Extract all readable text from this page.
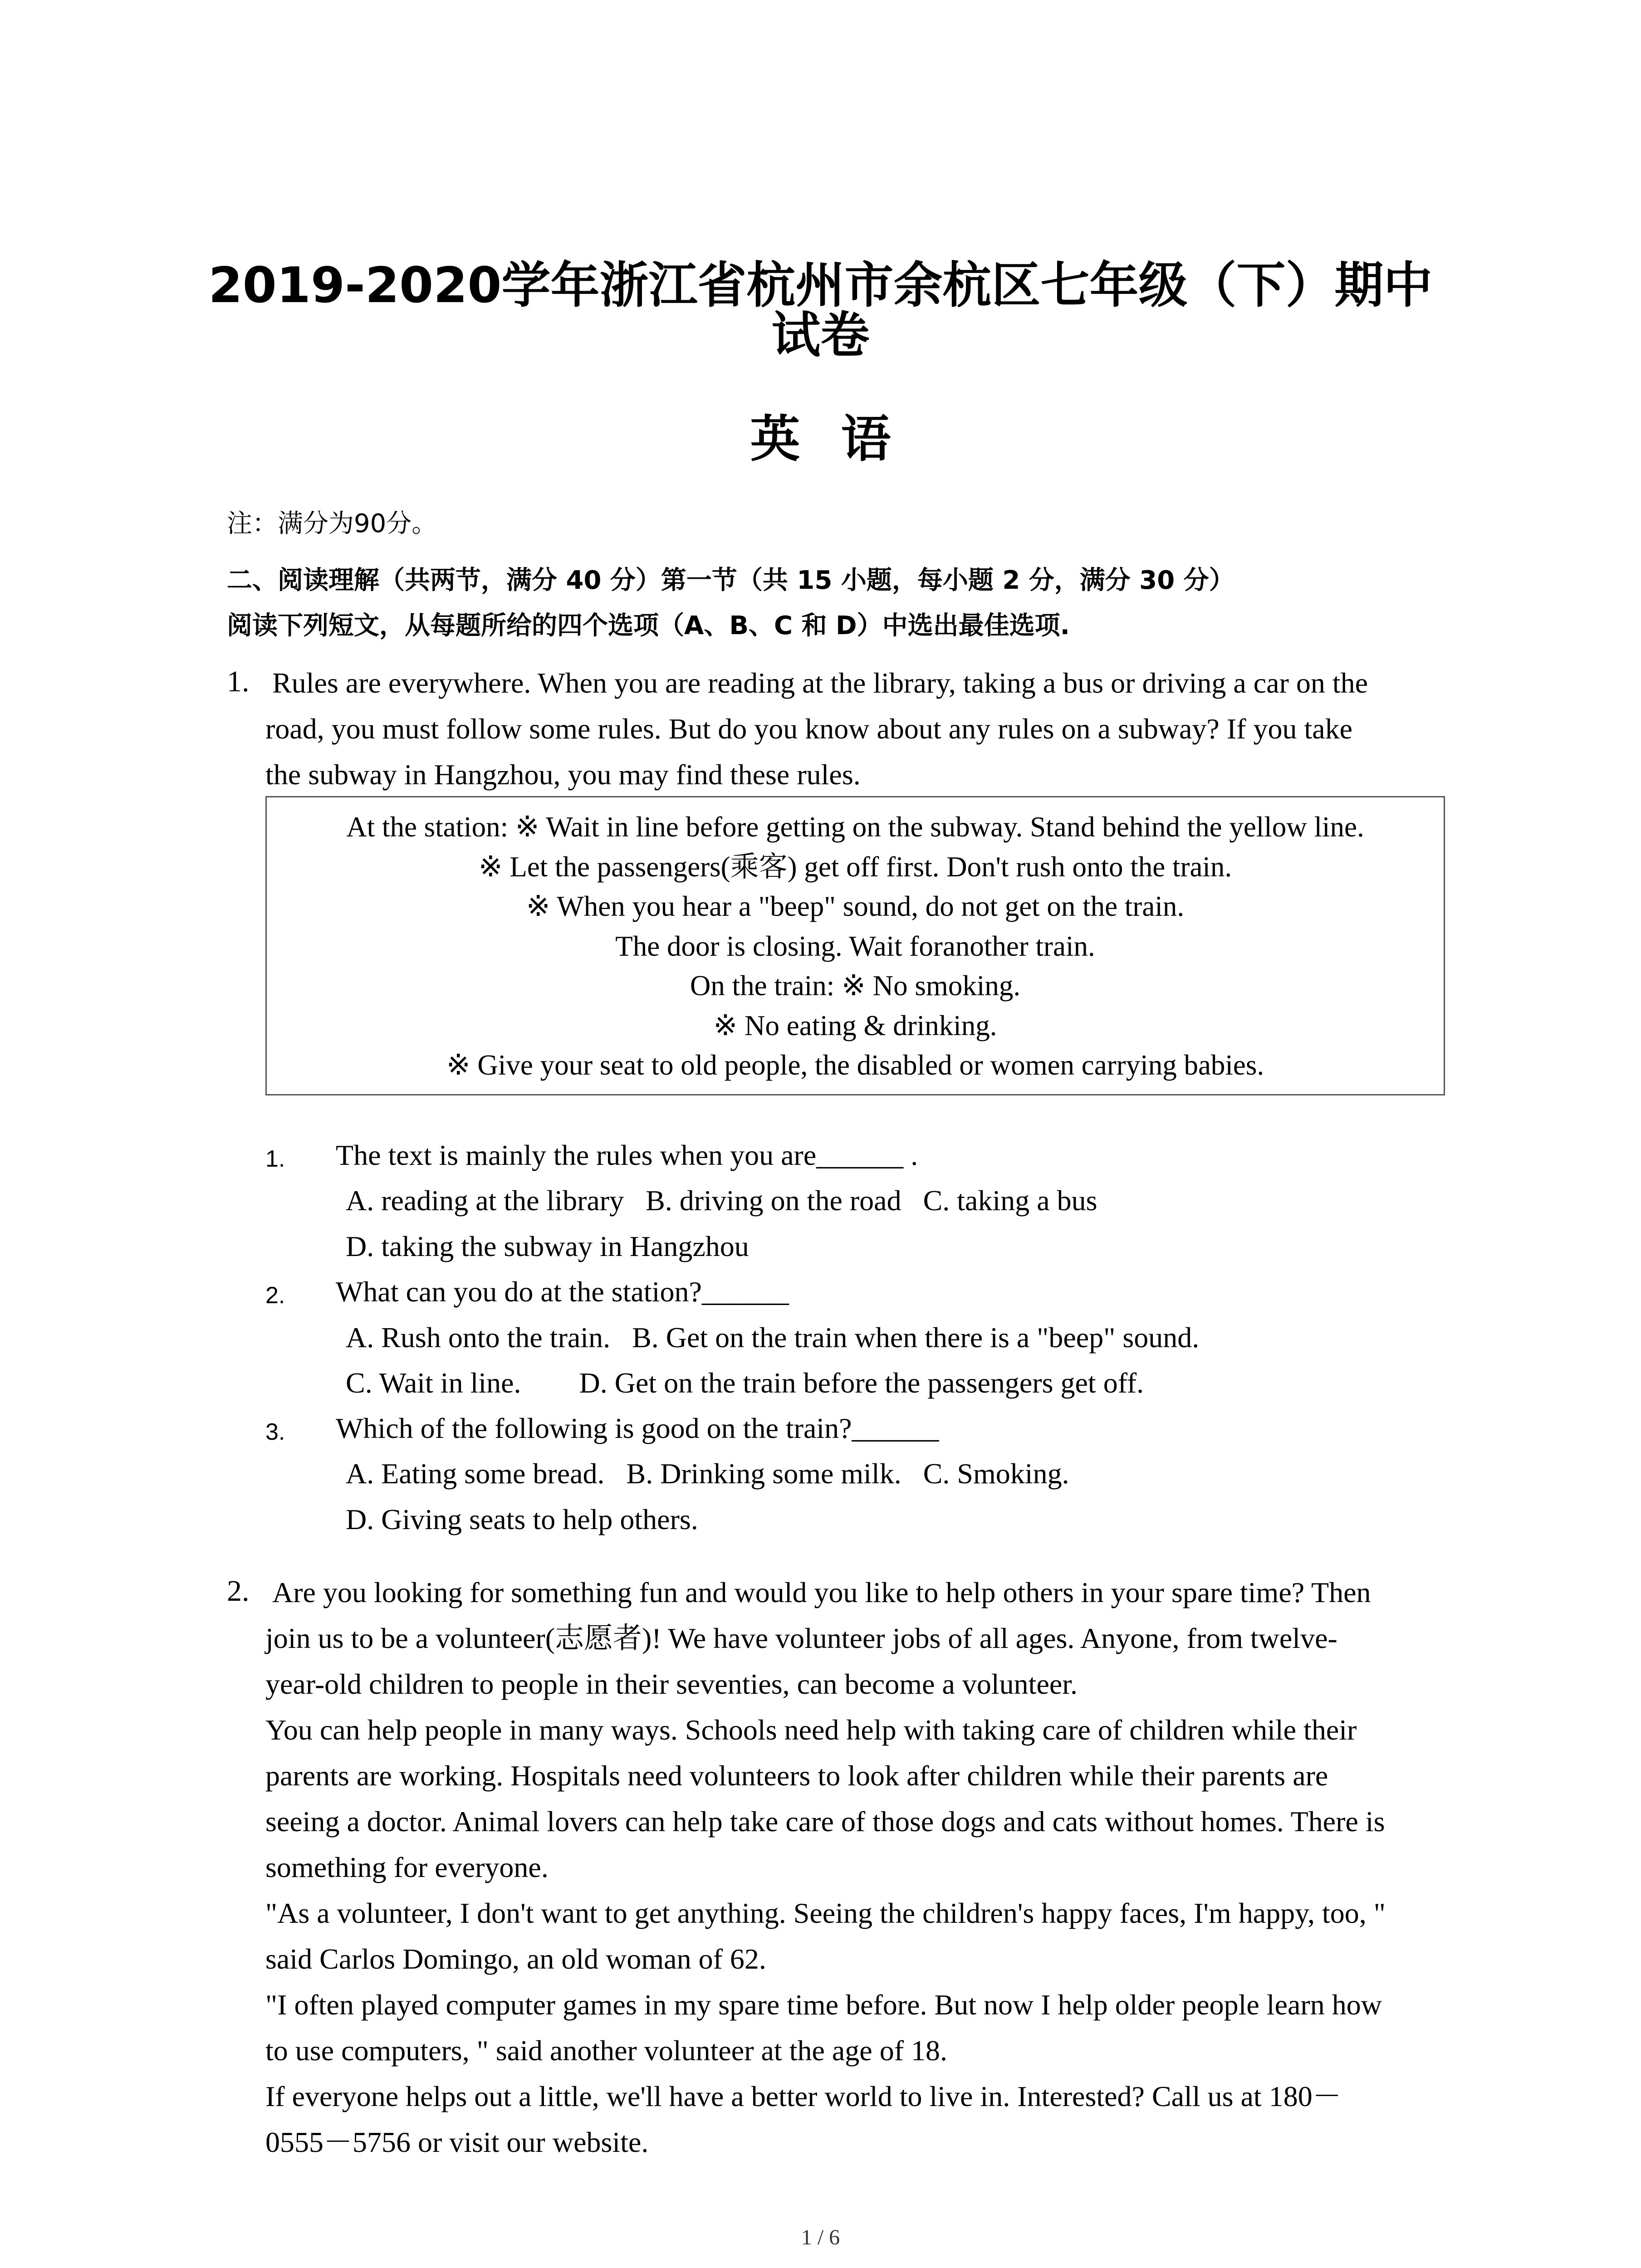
2019-2020学年浙江省杭州市余杭区七年级（下）期中
试卷
英语
注：满分为90分。
二、阅读理解（共两节，满分 40 分）第一节（共 15 小题，每小题 2 分，满分 30 分）
阅读下列短文，从每题所给的四个选项（A、B、C 和 D）中选出最佳选项.
1. Rules are everywhere. When you are reading at the library, taking a bus or driving a car on the

road, you must follow some rules. But do you know about any rules on a subway? If you take

the subway in Hangzhou, you may find these rules.

At the station: ※ Wait in line before getting on the subway. Stand behind the yellow line.
※ Let the passengers(乘客) get off first. Don't rush onto the train.
※ When you hear a "beep" sound, do not get on the train.
The door is closing. Wait foranother train.
On the train: ※ No smoking.
※ No eating & drinking.
※ Give your seat to old people, the disabled or women carrying babies.
1. The text is mainly the rules when you are______ .
A. reading at the library   B. driving on the road   C. taking a bus
D. taking the subway in Hangzhou
2. What can you do at the station?______
A. Rush onto the train.   B. Get on the train when there is a "beep" sound.
C. Wait in line.        D. Get on the train before the passengers get off.
3. Which of the following is good on the train?______
A. Eating some bread.   B. Drinking some milk.   C. Smoking.
D. Giving seats to help others.
2. Are you looking for something fun and would you like to help others in your spare time? Then

join us to be a volunteer(志愿者)! We have volunteer jobs of all ages. Anyone, from twelve-

year-old children to people in their seventies, can become a volunteer.

You can help people in many ways. Schools need help with taking care of children while their

parents are working. Hospitals need volunteers to look after children while their parents are

seeing a doctor. Animal lovers can help take care of those dogs and cats without homes. There is

something for everyone.

"As a volunteer, I don't want to get anything. Seeing the children's happy faces, I'm happy, too, "

said Carlos Domingo, an old woman of 62.

"I often played computer games in my spare time before. But now I help older people learn how

to use computers, " said another volunteer at the age of 18.

If everyone helps out a little, we'll have a better world to live in. Interested? Call us at 180－

0555－5756 or visit our website.

1 / 6
